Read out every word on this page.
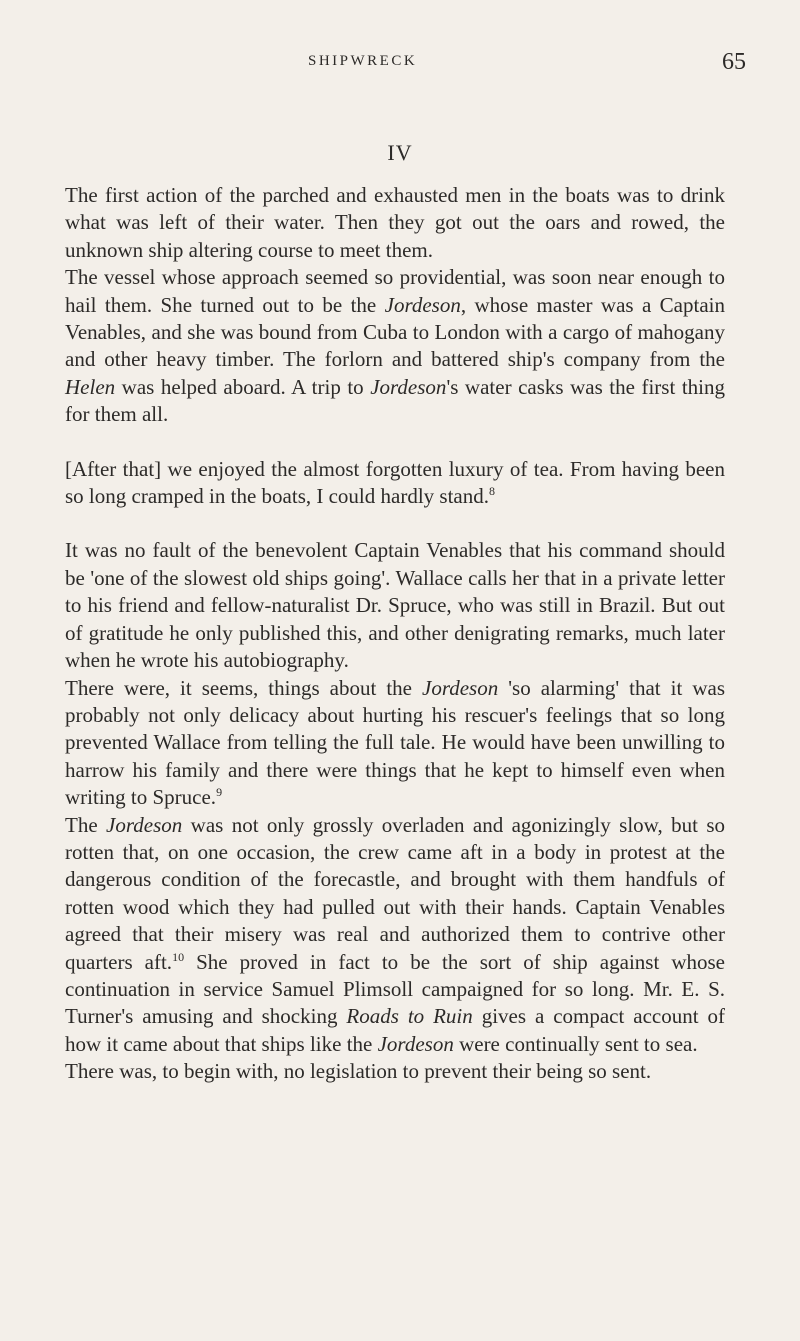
SHIPWRECK	65
IV

The first action of the parched and exhausted men in the boats was to drink what was left of their water. Then they got out the oars and rowed, the unknown ship altering course to meet them.

The vessel whose approach seemed so providential, was soon near enough to hail them. She turned out to be the Jordeson, whose master was a Captain Venables, and she was bound from Cuba to London with a cargo of mahogany and other heavy timber. The forlorn and battered ship's company from the Helen was helped aboard. A trip to Jordeson's water casks was the first thing for them all.

[After that] we enjoyed the almost forgotten luxury of tea. From having been so long cramped in the boats, I could hardly stand.$^8$

It was no fault of the benevolent Captain Venables that his command should be 'one of the slowest old ships going'. Wallace calls her that in a private letter to his friend and fellow-naturalist Dr. Spruce, who was still in Brazil. But out of gratitude he only published this, and other denigrating remarks, much later when he wrote his autobiography.

There were, it seems, things about the Jordeson 'so alarming' that it was probably not only delicacy about hurting his rescuer's feelings that so long prevented Wallace from telling the full tale. He would have been unwilling to harrow his family and there were things that he kept to himself even when writing to Spruce.$^9$

The Jordeson was not only grossly overladen and agonizingly slow, but so rotten that, on one occasion, the crew came aft in a body in protest at the dangerous condition of the forecastle, and brought with them handfuls of rotten wood which they had pulled out with their hands. Captain Venables agreed that their misery was real and authorized them to contrive other quarters aft.$^{10}$ She proved in fact to be the sort of ship against whose continuation in service Samuel Plimsoll campaigned for so long. Mr. E. S. Turner's amusing and shocking Roads to Ruin gives a compact account of how it came about that ships like the Jordeson were continually sent to sea.

There was, to begin with, no legislation to prevent their being so sent.
